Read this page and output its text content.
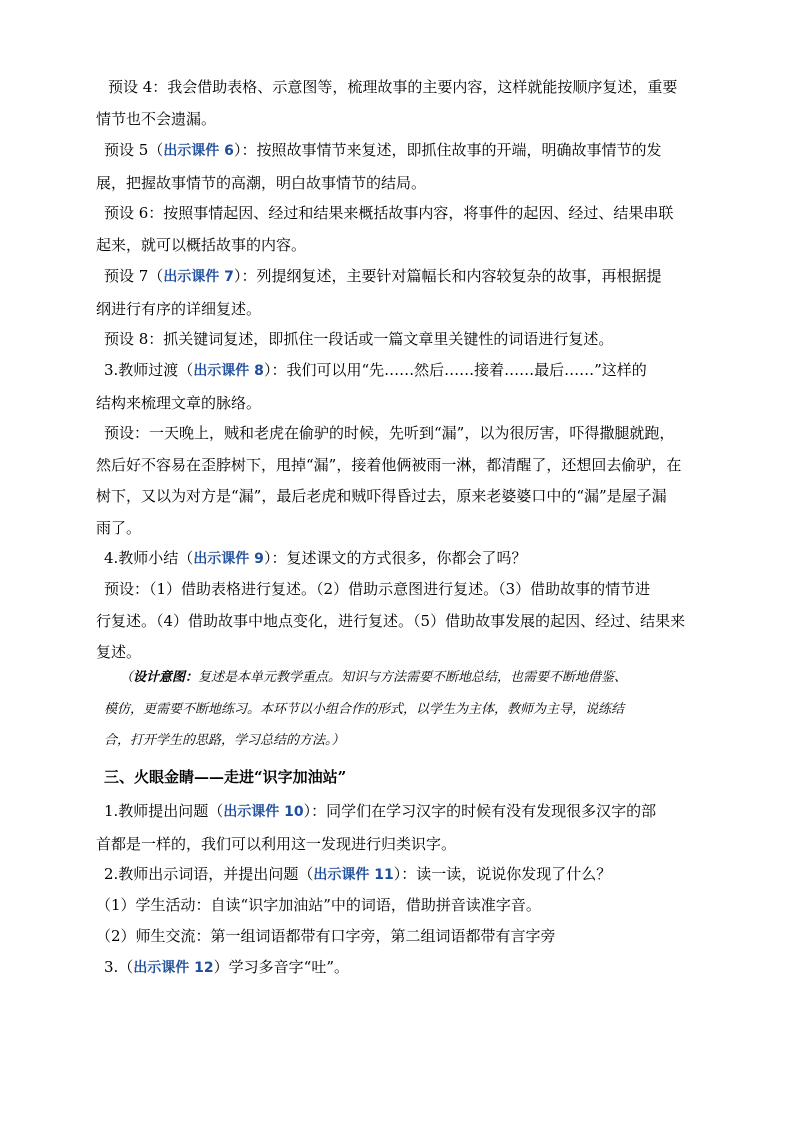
预设 4：我会借助表格、示意图等，梳理故事的主要内容，这样就能按顺序复述，重要
情节也不会遗漏。

预设 5（出示课件 6）：按照故事情节来复述，即抓住故事的开端，明确故事情节的发
展，把握故事情节的高潮，明白故事情节的结局。

预设 6：按照事情起因、经过和结果来概括故事内容，将事件的起因、经过、结果串联
起来，就可以概括故事的内容。

预设 7（出示课件 7）：列提纲复述，主要针对篇幅长和内容较复杂的故事，再根据提
纲进行有序的详细复述。

预设 8：抓关键词复述，即抓住一段话或一篇文章里关键性的词语进行复述。

3.教师过渡（出示课件 8）：我们可以用“先……然后……接着……最后……”这样的
结构来梳理文章的脉络。

预设：一天晚上，贼和老虎在偷驴的时候，先听到“漏”，以为很厉害，吓得撒腿就跑，
然后好不容易在歪脖树下，甩掉“漏”，接着他俩被雨一淋，都清醒了，还想回去偷驴，在
树下，又以为对方是“漏”，最后老虎和贼吓得昏过去，原来老婆婆口中的“漏”是屋子漏
雨了。

4.教师小结（出示课件 9）：复述课文的方式很多，你都会了吗？

预设：（1）借助表格进行复述。（2）借助示意图进行复述。（3）借助故事的情节进
行复述。（4）借助故事中地点变化，进行复述。（5）借助故事发展的起因、经过、结果来
复述。

（设计意图：复述是本单元教学重点。知识与方法需要不断地总结，也需要不断地借鉴、
模仿，更需要不断地练习。本环节以小组合作的形式，以学生为主体，教师为主导，说练结
合，打开学生的思路，学习总结的方法。）

三、火眼金睛——走进“识字加油站”

1.教师提出问题（出示课件 10）：同学们在学习汉字的时候有没有发现很多汉字的部
首都是一样的，我们可以利用这一发现进行归类识字。

2.教师出示词语，并提出问题（出示课件 11）：读一读，说说你发现了什么？

（1）学生活动：自读“识字加油站”中的词语，借助拼音读准字音。

（2）师生交流：第一组词语都带有口字旁，第二组词语都带有言字旁

3.（出示课件 12）学习多音字“吐”。
